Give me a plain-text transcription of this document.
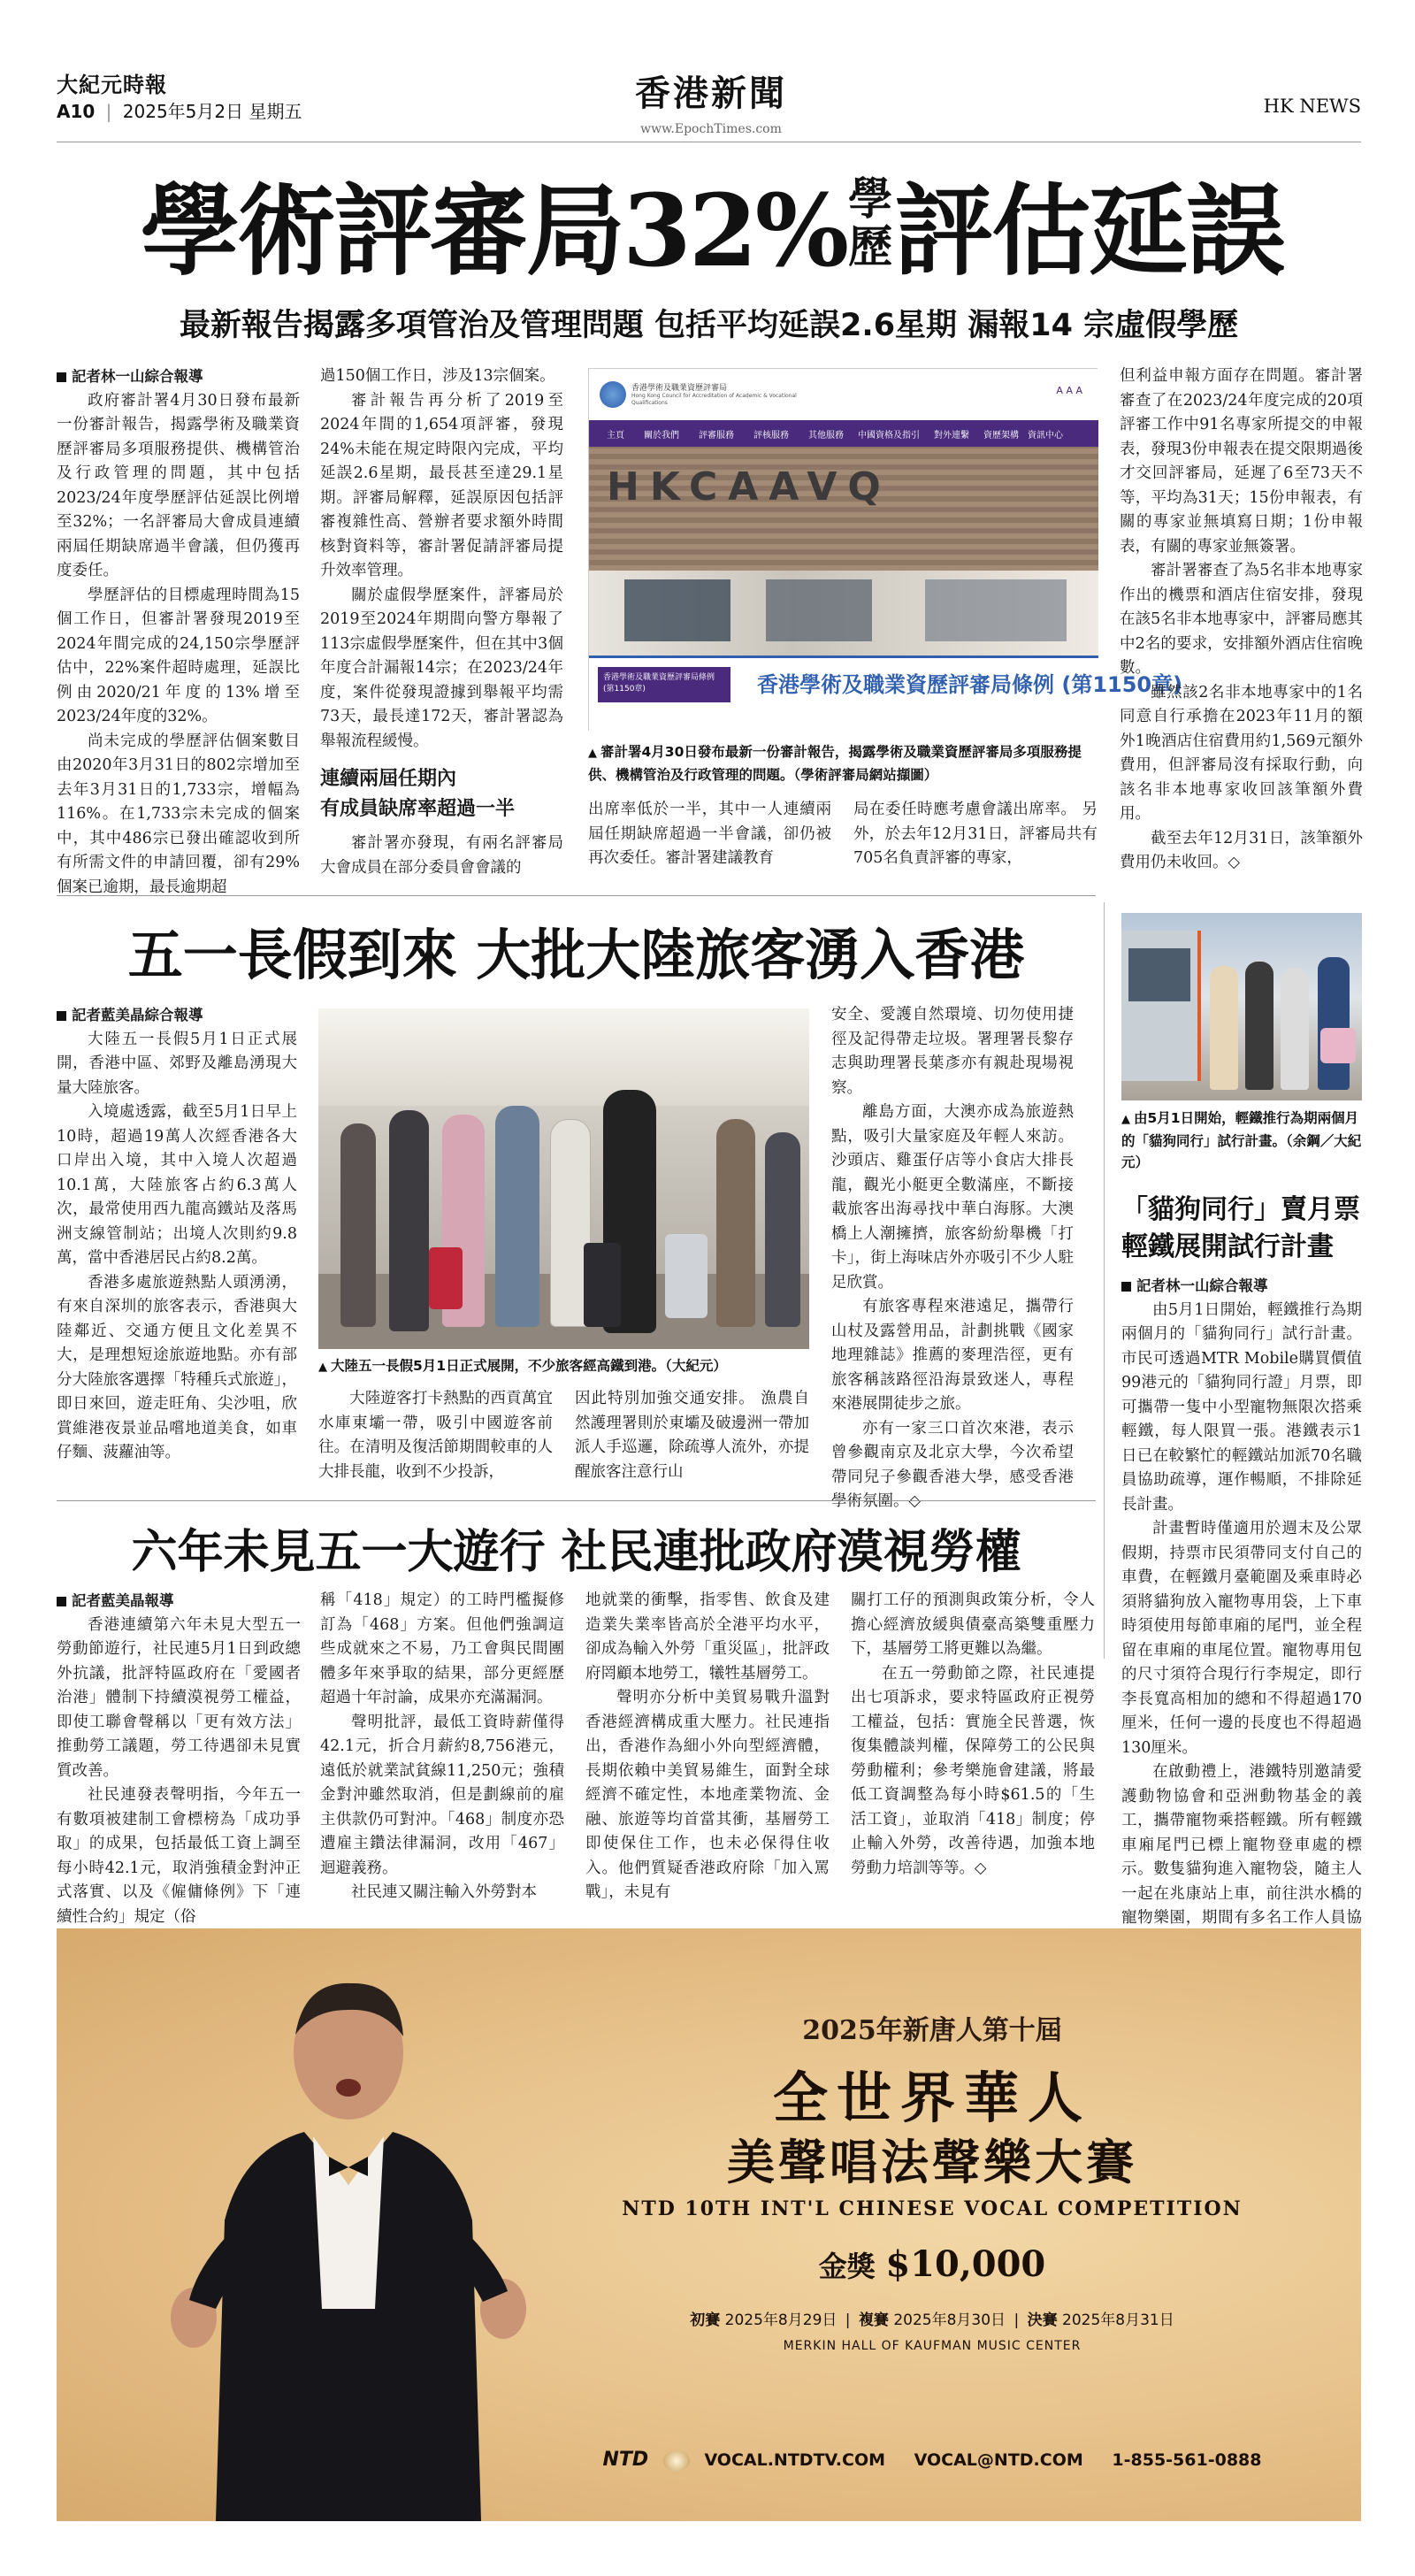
大紀元時報
A10 | 2025年5月2日 星期五	香港新聞
www.EpochTimes.com
HK NEWS
學術評審局32% 學
歷 評估延誤
最新報告揭露多項管治及管理問題 包括平均延誤2.6星期 漏報14 宗虛假學歷
記者林一山綜合報導

政府審計署4月30日發布最新一份審計報告，揭露學術及職業資歷評審局多項服務提供、機構管治及行政管理的問題，其中包括2023/24年度學歷評估延誤比例增至32%；一名評審局大會成員連續兩屆任期缺席過半會議，但仍獲再度委任。

學歷評估的目標處理時間為15個工作日，但審計署發現2019至2024年間完成的24,150宗學歷評估中，22%案件超時處理，延誤比例由2020/21年度的13%增至2023/24年度的32%。

尚未完成的學歷評估個案數目由2020年3月31日的802宗增加至去年3月31日的1,733宗，增幅為116%。在1,733宗未完成的個案中，其中486宗已發出確認收到所有所需文件的申請回覆，卻有29%個案已逾期，最長逾期超

過150個工作日，涉及13宗個案。

審計報告再分析了2019至2024年間的1,654項評審，發現24%未能在規定時限內完成，平均延誤2.6星期，最長甚至達29.1星期。評審局解釋，延誤原因包括評審複雜性高、營辦者要求額外時間核對資料等，審計署促請評審局提升效率管理。

關於虛假學歷案件，評審局於2019至2024年期間向警方舉報了113宗虛假學歷案件，但在其中3個年度合計漏報14宗；在2023/24年度，案件從發現證據到舉報平均需73天，最長達172天，審計署認為舉報流程緩慢。

連續兩屆任期內
有成員缺席率超過一半

審計署亦發現，有兩名評審局大會成員在部分委員會會議的

香港學術及職業資歷評審局
Hong Kong Council for Accreditation of Academic & Vocational Qualifications
A A A
主頁 關於我們 評審服務 評核服務 其他服務 中國資格及指引 對外連繫 資歷架構 資訊中心
HKCAAVQ
香港學術及職業資歷評審局條例
(第1150章)	香港學術及職業資歷評審局條例 (第1150章)
▲ 審計署4月30日發布最新一份審計報告，揭露學術及職業資歷評審局多項服務提供、機構管治及行政管理的問題。（學術評審局網站擷圖）

出席率低於一半，其中一人連續兩屆任期缺席超過一半會議，卻仍被再次委任。審計署建議教育

局在委任時應考慮會議出席率。 另外，於去年12月31日，評審局共有705名負責評審的專家，

但利益申報方面存在問題。審計署審查了在2023/24年度完成的20項評審工作中91名專家所提交的申報表，發現3份申報表在提交限期過後才交回評審局，延遲了6至73天不等，平均為31天；15份申報表，有關的專家並無填寫日期；1份申報表，有關的專家並無簽署。

審計署審查了為5名非本地專家作出的機票和酒店住宿安排，發現在該5名非本地專家中，評審局應其中2名的要求，安排額外酒店住宿晚數。

雖然該2名非本地專家中的1名同意自行承擔在2023年11月的額外1晚酒店住宿費用約1,569元額外費用，但評審局沒有採取行動，向該名非本地專家收回該筆額外費用。

截至去年12月31日，該筆額外費用仍未收回。◇

五一長假到來 大批大陸旅客湧入香港
記者藍美晶綜合報導

大陸五一長假5月1日正式展開，香港中區、郊野及離島湧現大量大陸旅客。

入境處透露，截至5月1日早上10時，超過19萬人次經香港各大口岸出入境，其中入境人次超過10.1萬，大陸旅客占約6.3萬人次，最常使用西九龍高鐵站及落馬洲支線管制站；出境人次則約9.8萬，當中香港居民占約8.2萬。

香港多處旅遊熱點人頭湧湧，有來自深圳的旅客表示，香港與大陸鄰近、交通方便且文化差異不大，是理想短途旅遊地點。亦有部分大陸旅客選擇「特種兵式旅遊」，即日來回，遊走旺角、尖沙咀，欣賞維港夜景並品嚐地道美食，如車仔麵、菠蘿油等。

▲ 大陸五一長假5月1日正式展開，不少旅客經高鐵到港。（大紀元）

大陸遊客打卡熱點的西貢萬宜水庫東壩一帶，吸引中國遊客前往。在清明及復活節期間較車的人大排長龍，收到不少投訴，

因此特別加強交通安排。 漁農自然護理署則於東壩及破邊洲一帶加派人手巡邏，除疏導人流外，亦提醒旅客注意行山

安全、愛護自然環境、切勿使用捷徑及記得帶走垃圾。署理署長黎存志與助理署長葉彥亦有親赴現場視察。

離島方面，大澳亦成為旅遊熱點，吸引大量家庭及年輕人來訪。沙頭店、雞蛋仔店等小食店大排長龍，觀光小艇更全數滿座，不斷接載旅客出海尋找中華白海豚。大澳橋上人潮擁擠，旅客紛紛舉機「打卡」，街上海味店外亦吸引不少人駐足欣賞。

有旅客專程來港遠足，攜帶行山杖及露營用品，計劃挑戰《國家地理雜誌》推薦的麥理浩徑，更有旅客稱該路徑沿海景致迷人，專程來港展開徒步之旅。

亦有一家三口首次來港，表示曾參觀南京及北京大學，今次希望帶同兒子參觀香港大學，感受香港學術氛圍。◇

▲ 由5月1日開始，輕鐵推行為期兩個月的「貓狗同行」試行計畫。（余鋼／大紀元）
「貓狗同行」賣月票
輕鐵展開試行計畫
記者林一山綜合報導

由5月1日開始，輕鐵推行為期兩個月的「貓狗同行」試行計畫。市民可透過MTR Mobile購買價值99港元的「貓狗同行證」月票，即可攜帶一隻中小型寵物無限次搭乘輕鐵，每人限買一張。港鐵表示1日已在較繁忙的輕鐵站加派70名職員協助疏導，運作暢順，不排除延長計畫。

計畫暫時僅適用於週末及公眾假期，持票市民須帶同支付自己的車費，在輕鐵月臺範圍及乘車時必須將貓狗放入寵物專用袋，上下車時須使用每節車廂的尾門，並全程留在車廂的車尾位置。寵物專用包的尺寸須符合現行行李規定，即行李長寬高相加的總和不得超過170厘米，任何一邊的長度也不得超過130厘米。

在啟動禮上，港鐵特別邀請愛護動物協會和亞洲動物基金的義工，攜帶寵物乘搭輕鐵。所有輕鐵車廂尾門已標上寵物登車處的標示。數隻貓狗進入寵物袋，隨主人一起在兆康站上車，前往洪水橋的寵物樂園，期間有多名工作人員協

六年未見五一大遊行 社民連批政府漠視勞權
記者藍美晶報導

香港連續第六年未見大型五一勞動節遊行，社民連5月1日到政總外抗議，批評特區政府在「愛國者治港」體制下持續漠視勞工權益，即使工聯會聲稱以「更有效方法」推動勞工議題，勞工待遇卻未見實質改善。

社民連發表聲明指，今年五一有數項被建制工會標榜為「成功爭取」的成果，包括最低工資上調至每小時42.1元，取消強積金對沖正式落實、以及《僱傭條例》下「連續性合約」規定（俗

稱「418」規定）的工時門檻擬修訂為「468」方案。但他們強調這些成就來之不易，乃工會與民間團體多年來爭取的結果，部分更經歷超過十年討論，成果亦充滿漏洞。

聲明批評，最低工資時薪僅得42.1元，折合月薪約8,756港元，遠低於就業試貧線11,250元；強積金對沖雖然取消，但是劃線前的雇主供款仍可對沖。「468」制度亦恐遭雇主鑽法律漏洞，改用「467」迴避義務。

社民連又關注輸入外勞對本

地就業的衝擊，指零售、飲食及建造業失業率皆高於全港平均水平，卻成為輸入外勞「重災區」，批評政府罔顧本地勞工，犧牲基層勞工。

聲明亦分析中美貿易戰升溫對香港經濟構成重大壓力。社民連指出，香港作為細小外向型經濟體，長期依賴中美貿易維生，面對全球經濟不確定性，本地產業物流、金融、旅遊等均首當其衝，基層勞工即使保住工作，也未必保得住收入。他們質疑香港政府除「加入罵戰」，未見有

關打工仔的預測與政策分析，令人擔心經濟放緩與債臺高築雙重壓力下，基層勞工將更難以為繼。

在五一勞動節之際，社民連提出七項訴求，要求特區政府正視勞工權益，包括：實施全民普選，恢復集體談判權，保障勞工的公民與勞動權利；參考樂施會建議，將最低工資調整為每小時$61.5的「生活工資」，並取消「418」制度；停止輸入外勞，改善待遇，加強本地勞動力培訓等等。◇

2025年新唐人第十屆
全世界華人
美聲唱法聲樂大賽
NTD 10TH INT'L CHINESE VOCAL COMPETITION
金獎 $10,000
初賽 2025年8月29日 | 複賽 2025年8月30日 | 決賽 2025年8月31日
MERKIN HALL OF KAUFMAN MUSIC CENTER
NTD	VOCAL.NTDTV.COM VOCAL@NTD.COM 1-855-561-0888
